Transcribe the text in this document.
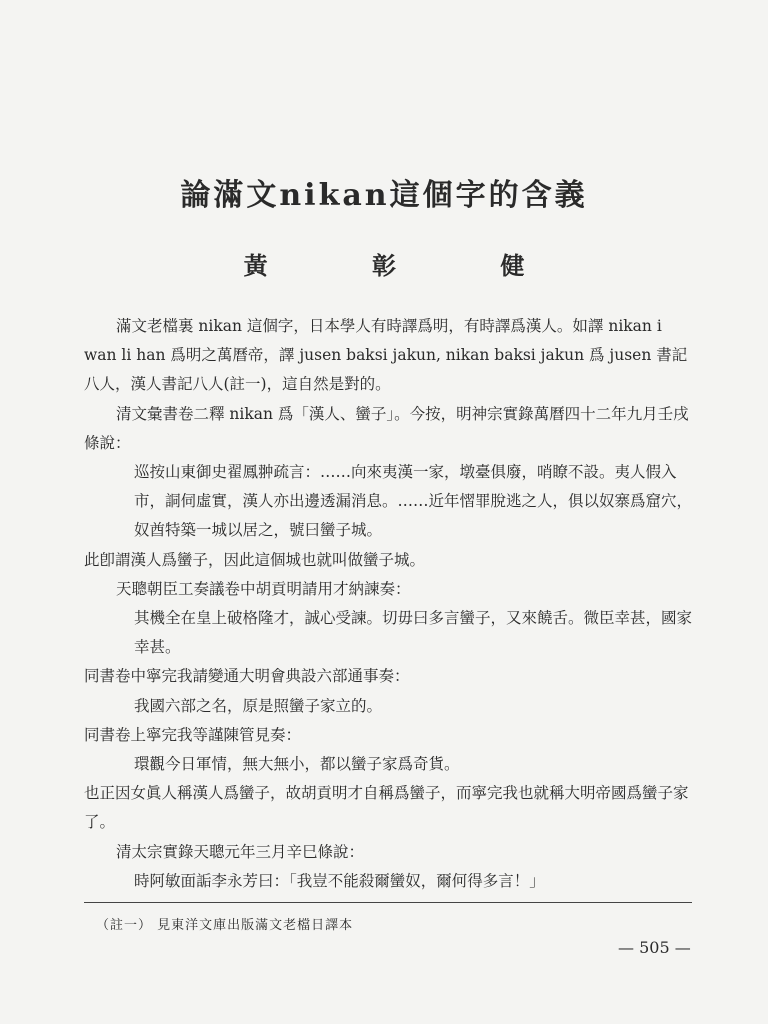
論滿文nikan這個字的含義
黃 彰 健

滿文老檔裏 nikan 這個字，日本學人有時譯爲明，有時譯爲漢人。如譯 nikan i wan li han 爲明之萬曆帝，譯 jusen baksi jakun, nikan baksi jakun 爲 jusen 書記八人，漢人書記八人(註一)，這自然是對的。

清文彙書卷二釋 nikan 爲「漢人、蠻子」。今按，明神宗實錄萬曆四十二年九月壬戌條說：

巡按山東御史翟鳳翀疏言：……向來夷漢一家，墩臺俱廢，哨瞭不設。夷人假入市，詷伺虛實，漢人亦出邊透漏消息。……近年慴罪脫逃之人，俱以奴寨爲窟穴，奴酋特築一城以居之，號曰蠻子城。

此卽謂漢人爲蠻子，因此這個城也就叫做蠻子城。

天聰朝臣工奏議卷中胡貢明請用才納諫奏：

其機全在皇上破格隆才，誠心受諫。切毋曰多言蠻子，又來饒舌。微臣幸甚，國家幸甚。

同書卷中寧完我請變通大明會典設六部通事奏：

我國六部之名，原是照蠻子家立的。

同書卷上寧完我等謹陳管見奏：

環觀今日軍情，無大無小，都以蠻子家爲奇貨。

也正因女眞人稱漢人爲蠻子，故胡貢明才自稱爲蠻子，而寧完我也就稱大明帝國爲蠻子家了。

清太宗實錄天聰元年三月辛巳條說：

時阿敏面詬李永芳曰：「我豈不能殺爾蠻奴，爾何得多言！」

（註一） 見東洋文庫出版滿文老檔日譯本
— 505 —
